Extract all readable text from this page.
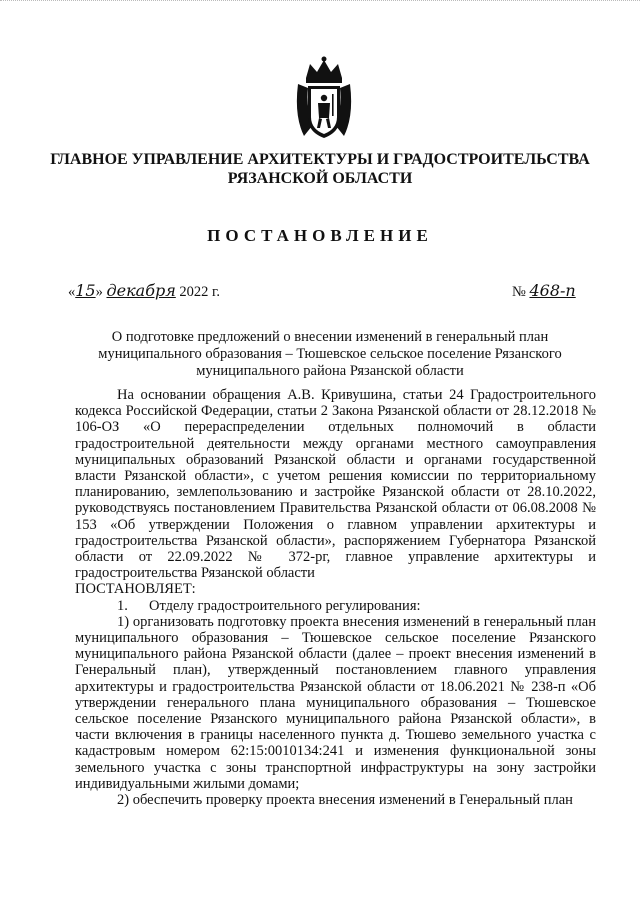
ГЛАВНОЕ УПРАВЛЕНИЕ АРХИТЕКТУРЫ И ГРАДОСТРОИТЕЛЬСТВА
РЯЗАНСКОЙ ОБЛАСТИ
ПОСТАНОВЛЕНИЕ
«15» декабря 2022 г.	№ 468-п
О подготовке предложений о внесении изменений в генеральный план
муниципального образования – Тюшевское сельское поселение Рязанского
муниципального района Рязанской области

На основании обращения А.В. Кривушина, статьи 24 Градостроительного кодекса Российской Федерации, статьи 2 Закона Рязанской области от 28.12.2018 № 106-ОЗ «О перераспределении отдельных полномочий в области градостроительной деятельности между органами местного самоуправления муниципальных образований Рязанской области и органами государственной власти Рязанской области», с учетом решения комиссии по территориальному планированию, землепользованию и застройке Рязанской области от 28.10.2022, руководствуясь постановлением Правительства Рязанской области от 06.08.2008 № 153 «Об утверждении Положения о главном управлении архитектуры и градостроительства Рязанской области», распоряжением Губернатора Рязанской области от 22.09.2022 № 372-рг, главное управление архитектуры и градостроительства Рязанской области

ПОСТАНОВЛЯЕТ:

1. Отделу градостроительного регулирования:

1) организовать подготовку проекта внесения изменений в генеральный план муниципального образования – Тюшевское сельское поселение Рязанского муниципального района Рязанской области (далее – проект внесения изменений в Генеральный план), утвержденный постановлением главного управления архитектуры и градостроительства Рязанской области от 18.06.2021 № 238-п «Об утверждении генерального плана муниципального образования – Тюшевское сельское поселение Рязанского муниципального района Рязанской области», в части включения в границы населенного пункта д. Тюшево земельного участка с кадастровым номером 62:15:0010134:241 и изменения функциональной зоны земельного участка с зоны транспортной инфраструктуры на зону застройки индивидуальными жилыми домами;

2) обеспечить проверку проекта внесения изменений в Генеральный план
